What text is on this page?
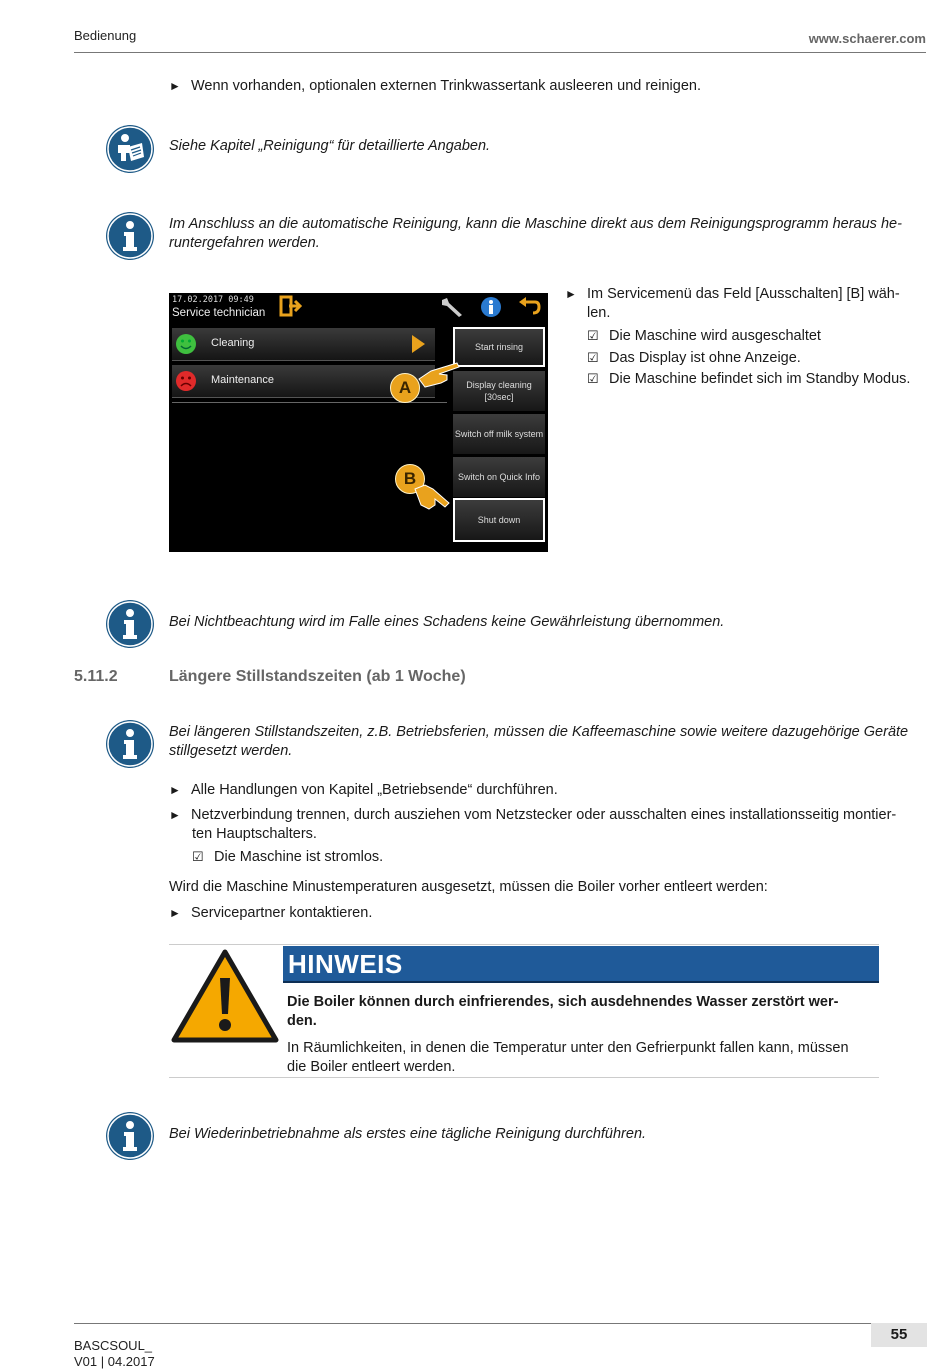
Bedienung	www.schaerer.com
► Wenn vorhanden, optionalen externen Trinkwassertank ausleeren und reinigen.
Siehe Kapitel „Reinigung“ für detaillierte Angaben.
Im Anschluss an die automatische Reinigung, kann die Maschine direkt aus dem Reinigungsprogramm heraus he-runtergefahren werden.
17.02.2017 09:49
Service technician
Cleaning
Maintenance
Start rinsing
Display cleaning [30sec]
Switch off milk system
Switch on Quick Info
Shut down
A
B
► Im Servicemenü das Feld [Ausschalten] [B] wäh-
len.
☑ Die Maschine wird ausgeschaltet
☑ Das Display ist ohne Anzeige.
☑ Die Maschine befindet sich im Standby Modus.
Bei Nichtbeachtung wird im Falle eines Schadens keine Gewährleistung übernommen.
5.11.2	Längere Stillstandszeiten (ab 1 Woche)
Bei längeren Stillstandszeiten, z.B. Betriebsferien, müssen die Kaffeemaschine sowie weitere dazugehörige Geräte stillgesetzt werden.
► Alle Handlungen von Kapitel „Betriebsende“ durchführen.
► Netzverbindung trennen, durch ausziehen vom Netzstecker oder ausschalten eines installationsseitig montier-
ten Hauptschalters.
☑ Die Maschine ist stromlos.
Wird die Maschine Minustemperaturen ausgesetzt, müssen die Boiler vorher entleert werden:
► Servicepartner kontaktieren.
HINWEIS
Die Boiler können durch einfrierendes, sich ausdehnendes Wasser zerstört wer-
den.
In Räumlichkeiten, in denen die Temperatur unter den Gefrierpunkt fallen kann, müssen
die Boiler entleert werden.
Bei Wiederinbetriebnahme als erstes eine tägliche Reinigung durchführen.
55
BASCSOUL_
V01 | 04.2017
